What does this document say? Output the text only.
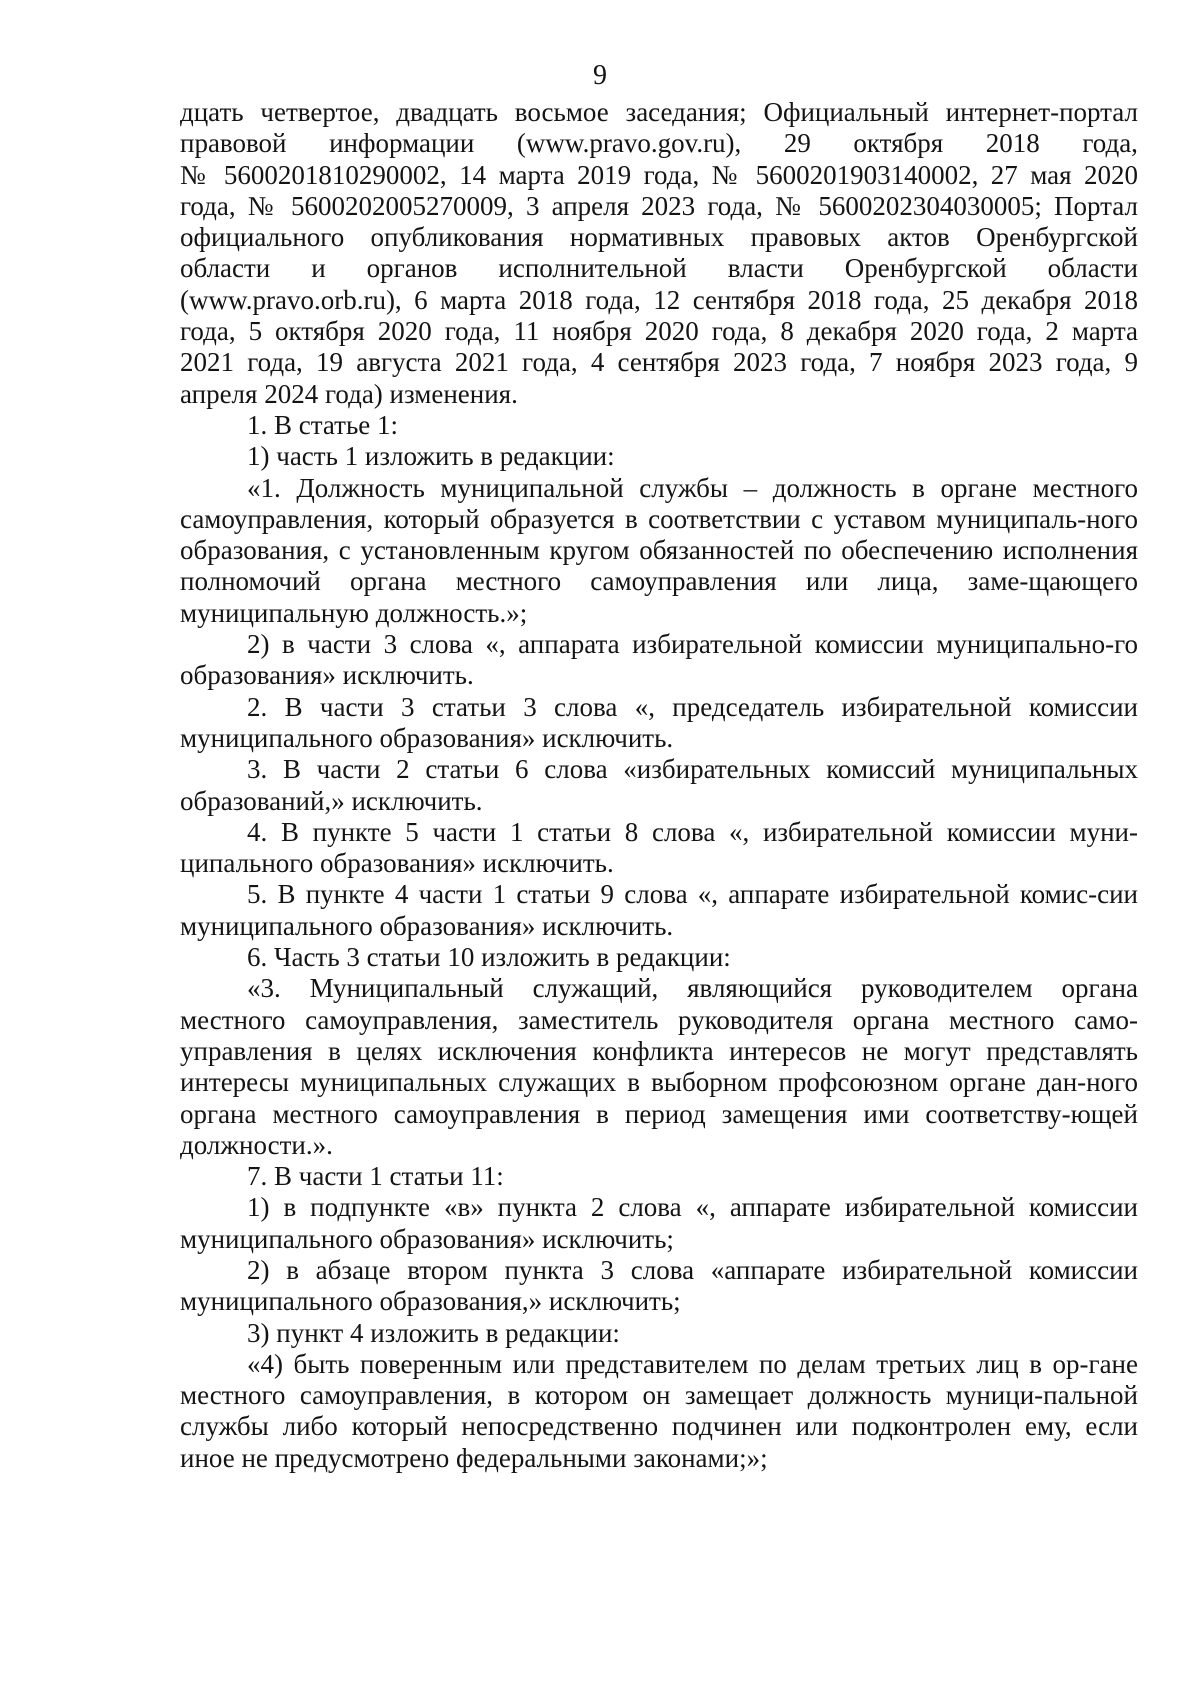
9
дцать четвертое, двадцать восьмое заседания; Официальный интернет-портал
правовой информации (www.pravo.gov.ru), 29 октября 2018 года,
№ 5600201810290002, 14 марта 2019 года, № 5600201903140002, 27 мая 2020
года, № 5600202005270009, 3 апреля 2023 года, № 5600202304030005; Портал
официального опубликования нормативных правовых актов Оренбургской
области и органов исполнительной власти Оренбургской области
(www.pravo.orb.ru), 6 марта 2018 года, 12 сентября 2018 года, 25 декабря 2018
года, 5 октября 2020 года, 11 ноября 2020 года, 8 декабря 2020 года, 2 марта
2021 года, 19 августа 2021 года, 4 сентября 2023 года, 7 ноября 2023 года, 9
апреля 2024 года) изменения.

1. В статье 1:

1) часть 1 изложить в редакции:

«1. Должность муниципальной службы – должность в органе местного самоуправления, который образуется в соответствии с уставом муниципаль-ного образования, с установленным кругом обязанностей по обеспечению исполнения полномочий органа местного самоуправления или лица, заме-щающего муниципальную должность.»;

2) в части 3 слова «, аппарата избирательной комиссии муниципально-го образования» исключить.

2. В части 3 статьи 3 слова «, председатель избирательной комиссии муниципального образования» исключить.

3. В части 2 статьи 6 слова «избирательных комиссий муниципальных образований,» исключить.

4. В пункте 5 части 1 статьи 8 слова «, избирательной комиссии муни-ципального образования» исключить.

5. В пункте 4 части 1 статьи 9 слова «, аппарате избирательной комис-сии муниципального образования» исключить.

6. Часть 3 статьи 10 изложить в редакции:

«3. Муниципальный служащий, являющийся руководителем органа местного самоуправления, заместитель руководителя органа местного само-управления в целях исключения конфликта интересов не могут представлять интересы муниципальных служащих в выборном профсоюзном органе дан-ного органа местного самоуправления в период замещения ими соответству-ющей должности.».

7. В части 1 статьи 11:

1) в подпункте «в» пункта 2 слова «, аппарате избирательной комиссии муниципального образования» исключить;

2) в абзаце втором пункта 3 слова «аппарате избирательной комиссии муниципального образования,» исключить;

3) пункт 4 изложить в редакции:

«4) быть поверенным или представителем по делам третьих лиц в ор-гане местного самоуправления, в котором он замещает должность муници-пальной службы либо который непосредственно подчинен или подконтролен ему, если иное не предусмотрено федеральными законами;»;
